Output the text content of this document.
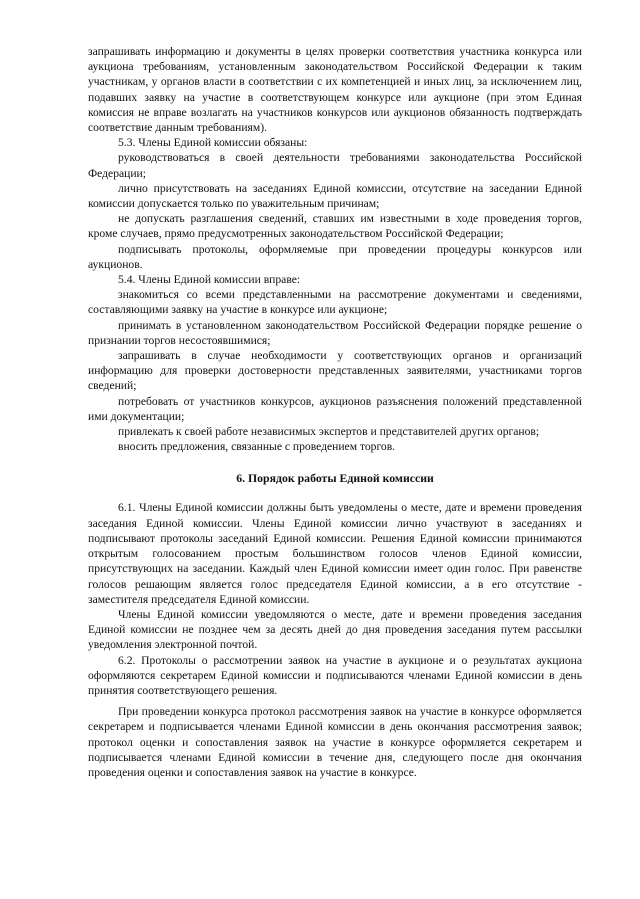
запрашивать информацию и документы в целях проверки соответствия участника конкурса или аукциона требованиям, установленным законодательством Российской Федерации к таким участникам, у органов власти в соответствии с их компетенцией и иных лиц, за исключением лиц, подавших заявку на участие в соответствующем конкурсе или аукционе (при этом Единая комиссия не вправе возлагать на участников конкурсов или аукционов обязанность подтверждать соответствие данным требованиям).

5.3. Члены Единой комиссии обязаны:

руководствоваться в своей деятельности требованиями законодательства Российской Федерации;

лично присутствовать на заседаниях Единой комиссии, отсутствие на заседании Единой комиссии допускается только по уважительным причинам;

не допускать разглашения сведений, ставших им известными в ходе проведения торгов, кроме случаев, прямо предусмотренных законодательством Российской Федерации;

подписывать протоколы, оформляемые при проведении процедуры конкурсов или аукционов.

5.4. Члены Единой комиссии вправе:

знакомиться со всеми представленными на рассмотрение документами и сведениями, составляющими заявку на участие в конкурсе или аукционе;

принимать в установленном законодательством Российской Федерации порядке решение о признании торгов несостоявшимися;

запрашивать в случае необходимости у соответствующих органов и организаций информацию для проверки достоверности представленных заявителями, участниками торгов сведений;

потребовать от участников конкурсов, аукционов разъяснения положений представленной ими документации;

привлекать к своей работе независимых экспертов и представителей других органов;

вносить предложения, связанные с проведением торгов.

6. Порядок работы Единой комиссии

6.1. Члены Единой комиссии должны быть уведомлены о месте, дате и времени проведения заседания Единой комиссии. Члены Единой комиссии лично участвуют в заседаниях и подписывают протоколы заседаний Единой комиссии. Решения Единой комиссии принимаются открытым голосованием простым большинством голосов членов Единой комиссии, присутствующих на заседании. Каждый член Единой комиссии имеет один голос. При равенстве голосов решающим является голос председателя Единой комиссии, а в его отсутствие - заместителя председателя Единой комиссии.

Члены Единой комиссии уведомляются о месте, дате и времени проведения заседания Единой комиссии не позднее чем за десять дней до дня проведения заседания путем рассылки уведомления электронной почтой.

6.2. Протоколы о рассмотрении заявок на участие в аукционе и о результатах аукциона оформляются секретарем Единой комиссии и подписываются членами Единой комиссии в день принятия соответствующего решения.

При проведении конкурса протокол рассмотрения заявок на участие в конкурсе оформляется секретарем и подписывается членами Единой комиссии в день окончания рассмотрения заявок; протокол оценки и сопоставления заявок на участие в конкурсе оформляется секретарем и подписывается членами Единой комиссии в течение дня, следующего после дня окончания проведения оценки и сопоставления заявок на участие в конкурсе.
